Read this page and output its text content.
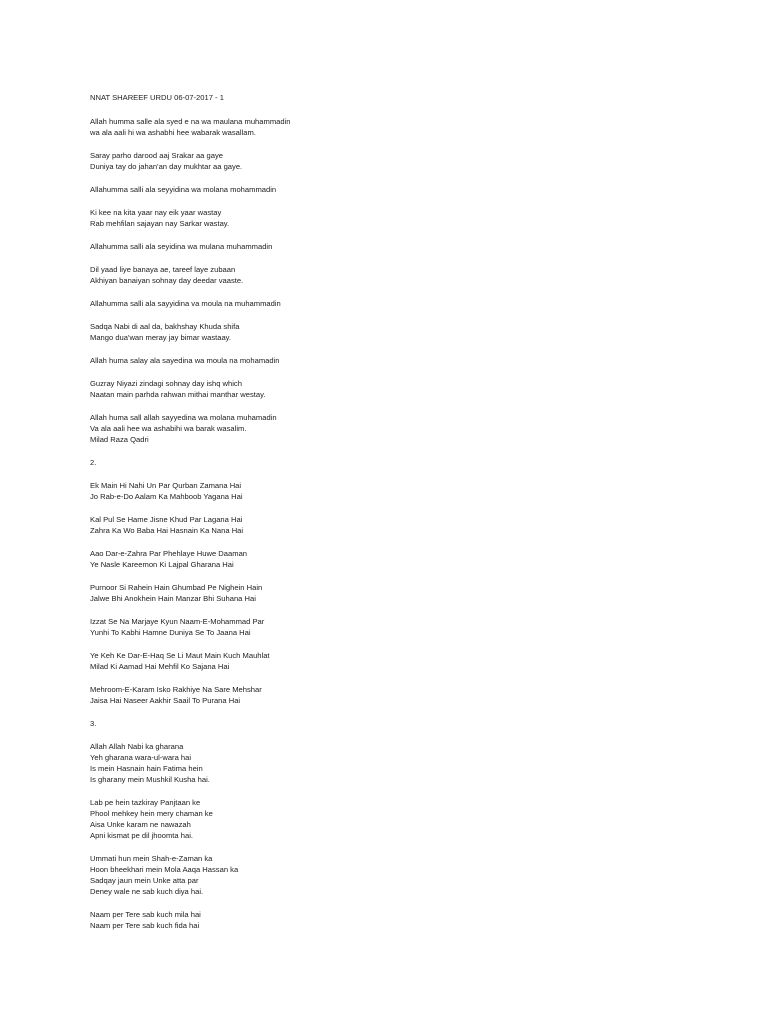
NNAT SHAREEF URDU 06-07-2017 - 1
Allah humma salle ala syed e na wa maulana muhammadin
wa ala aali hi wa ashabhi hee wabarak wasallam.
Saray parho darood aaj Srakar aa gaye
Duniya tay do jahan'an day mukhtar aa gaye.
Allahumma salli ala seyyidina wa molana mohammadin
Ki kee na kita yaar nay eik yaar wastay
Rab mehfilan sajayan nay Sarkar wastay.
Allahumma salli ala seyidina wa mulana muhammadin
Dil yaad liye banaya ae, tareef laye zubaan
Akhiyan banaiyan sohnay day deedar vaaste.
Allahumma salli ala sayyidina va moula na muhammadin
Sadqa Nabi di aal da, bakhshay Khuda shifa
Mango dua'wan meray jay bimar wastaay.
Allah huma salay ala sayedina wa moula na mohamadin
Guzray Niyazi zindagi sohnay day ishq which
Naatan main parhda rahwan mithai manthar westay.
Allah huma sall allah sayyedina wa molana muhamadin
Va ala aali hee wa ashabihi wa barak wasalim.
Milad Raza Qadri
2.
Ek Main Hi Nahi Un Par Qurban Zamana Hai
Jo Rab-e-Do Aalam Ka Mahboob Yagana Hai
Kal Pul Se Hame Jisne Khud Par Lagana Hai
Zahra Ka Wo Baba Hai Hasnain Ka Nana Hai
Aao Dar-e-Zahra Par Phehlaye Huwe Daaman
Ye Nasle Kareemon Ki Lajpal Gharana Hai
Purnoor Si Rahein Hain Ghumbad Pe Nighein Hain
Jalwe Bhi Anokhein Hain Manzar Bhi Suhana Hai
Izzat Se Na Marjaye Kyun Naam-E-Mohammad Par
Yunhi To Kabhi Hamne Duniya Se To Jaana Hai
Ye Keh Ke Dar-E-Haq Se Li Maut Main Kuch Mauhlat
Milad Ki Aamad Hai Mehfil Ko Sajana Hai
Mehroom-E-Karam Isko Rakhiye Na Sare Mehshar
Jaisa Hai Naseer Aakhir Saail To Purana Hai
3.
Allah Allah Nabi ka gharana
Yeh gharana wara-ul-wara hai
Is mein Hasnain hain Fatima hein
Is gharany mein Mushkil Kusha hai.
Lab pe hein tazkiray Panjtaan ke
Phool mehkey hein mery chaman ke
Aisa Unke karam ne nawazah
Apni kismat pe dil jhoomta hai.
Ummati hun mein Shah-e-Zaman ka
Hoon bheekhari mein Mola Aaqa Hassan ka
Sadqay jaun mein Unke atta par
Deney wale ne sab kuch diya hai.
Naam per Tere sab kuch mila hai
Naam per Tere sab kuch fida hai
